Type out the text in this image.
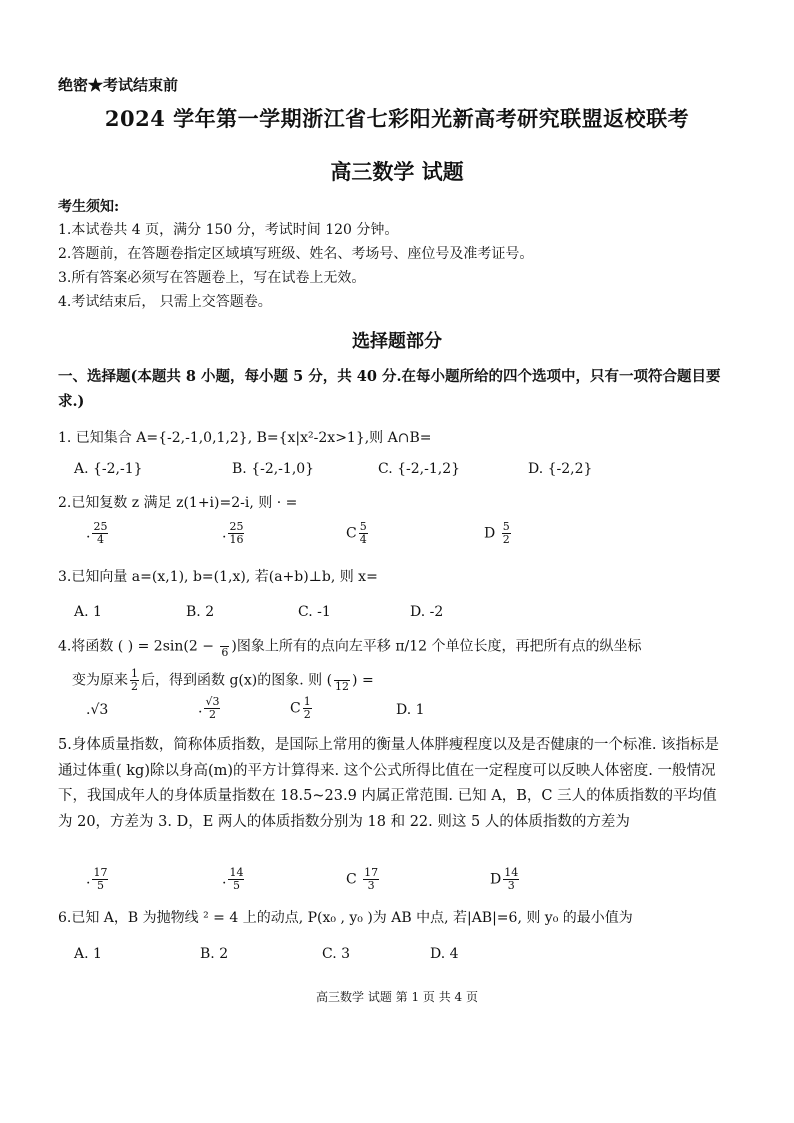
绝密★考试结束前
2024 学年第一学期浙江省七彩阳光新高考研究联盟返校联考
高三数学 试题
考生须知:
1.本试卷共 4 页，满分 150 分，考试时间 120 分钟。
2.答题前，在答题卷指定区域填写班级、姓名、考场号、座位号及准考证号。
3.所有答案必须写在答题卷上，写在试卷上无效。
4.考试结束后， 只需上交答题卷。
选择题部分
一、选择题(本题共 8 小题，每小题 5 分，共 40 分.在每小题所给的四个选项中，只有一项符合题目要求.)
1. 已知集合 A={-2,-1,0,1,2}, B={x|x²-2x>1},则 A∩B=
A. {-2,-1}	B. {-2,-1,0}	C. {-2,-1,2}	D. {-2,2}
2.已知复数 z 满足 z(1+i)=2-i, 则 · =
. $\frac{25}{4}$	. $\frac{25}{16}$	C $\frac{5}{4}$	D $\frac{5}{2}$
3.已知向量 a=(x,1), b=(1,x), 若(a+b)⊥b, 则 x=
A. 1	B. 2	C. -1	D. -2
4.将函数 ( ) = 2sin(2 −
6 )图象上所有的点向左平移 π/12 个单位长度，再把所有点的纵坐标
变为原来 $\frac{1}{2}$ 后，得到函数 g(x)的图象. 则 (
12 ) =
.√3	. $\frac{√3}{2}$	C $\frac{1}{2}$	D. 1
5.身体质量指数，简称体质指数，是国际上常用的衡量人体胖瘦程度以及是否健康的一个标准. 该指标是通过体重( kg)除以身高(m)的平方计算得来. 这个公式所得比值在一定程度可以反映人体密度. 一般情况下，我国成年人的身体质量指数在 18.5~23.9 内属正常范围. 已知 A，B，C 三人的体质指数的平均值为 20，方差为 3. D，E 两人的体质指数分别为 18 和 22. 则这 5 人的体质指数的方差为
. $\frac{17}{5}$	. $\frac{14}{5}$	C $\frac{17}{3}$	D $\frac{14}{3}$
6.已知 A，B 为抛物线 ² = 4 上的动点, P(x₀ , y₀ )为 AB 中点, 若|AB|=6, 则 y₀ 的最小值为
A. 1	B. 2	C. 3	D. 4
高三数学 试题 第 1 页 共 4 页
